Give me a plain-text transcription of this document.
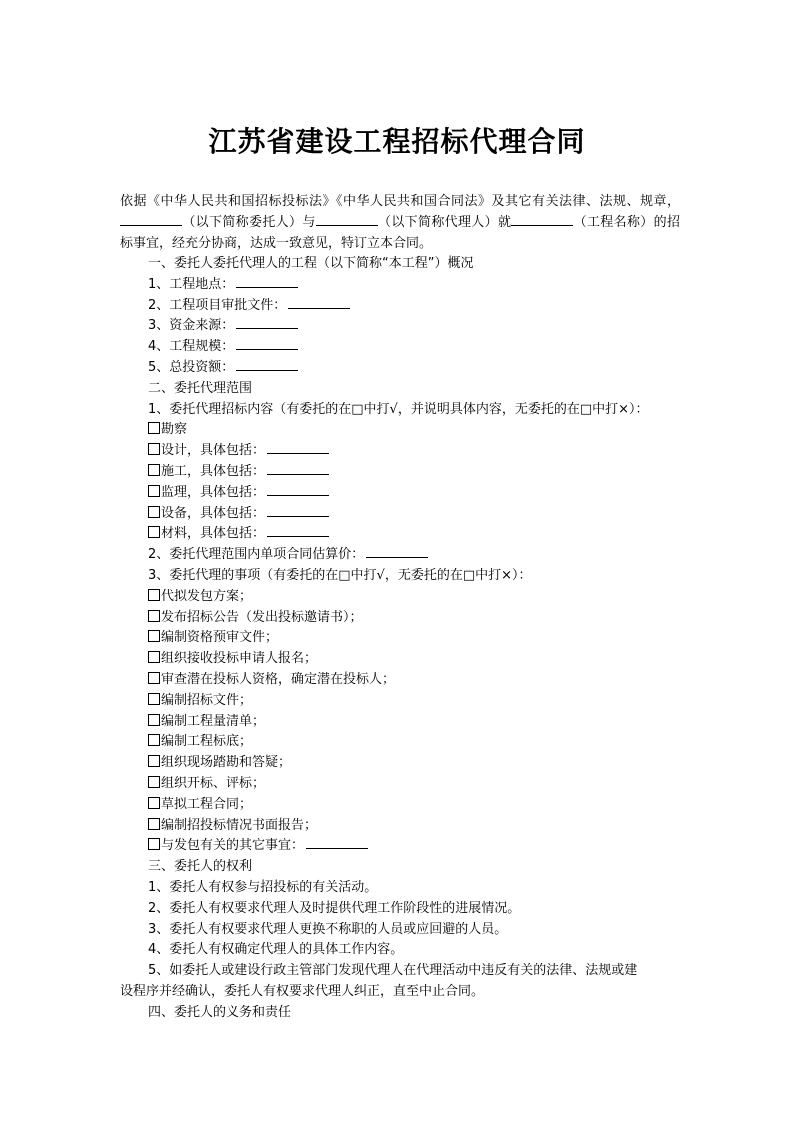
江苏省建设工程招标代理合同
依据《中华人民共和国招标投标法》《中华人民共和国合同法》及其它有关法律、法规、规章，（以下简称委托人）与	（以下简称代理人）就	（工程名称）的招标事宜，经充分协商，达成一致意见，特订立本合同。
一、委托人委托代理人的工程（以下简称“本工程”）概况
1、工程地点：
2、工程项目审批文件：
3、资金来源：
4、工程规模：
5、总投资额：
二、委托代理范围
1、委托代理招标内容（有委托的在□中打√，并说明具体内容，无委托的在□中打×）：
勘察
设计，具体包括：
施工，具体包括：
监理，具体包括：
设备，具体包括：
材料，具体包括：
2、委托代理范围内单项合同估算价：
3、委托代理的事项（有委托的在□中打√，无委托的在□中打×）：
代拟发包方案；
发布招标公告（发出投标邀请书）；
编制资格预审文件；
组织接收投标申请人报名；
审查潜在投标人资格，确定潜在投标人；
编制招标文件；
编制工程量清单；
编制工程标底；
组织现场踏勘和答疑；
组织开标、评标；
草拟工程合同；
编制招投标情况书面报告；
与发包有关的其它事宜：
三、委托人的权利
1、委托人有权参与招投标的有关活动。
2、委托人有权要求代理人及时提供代理工作阶段性的进展情况。
3、委托人有权要求代理人更换不称职的人员或应回避的人员。
4、委托人有权确定代理人的具体工作内容。
5、如委托人或建设行政主管部门发现代理人在代理活动中违反有关的法律、法规或建
设程序并经确认，委托人有权要求代理人纠正，直至中止合同。
四、委托人的义务和责任
